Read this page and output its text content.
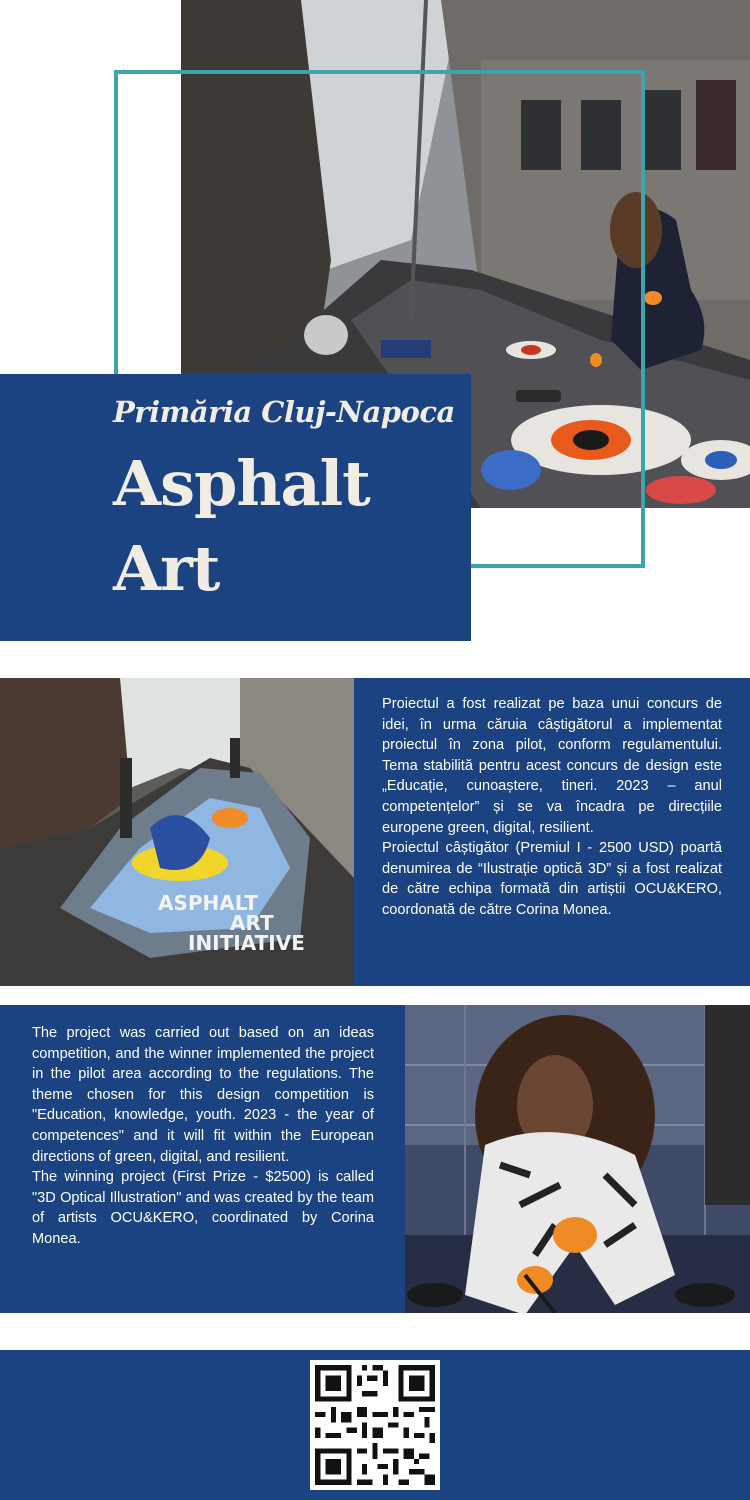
Primăria Cluj-Napoca
Asphalt
Art
ASPHALT
ART
INITIATIVE

Proiectul a fost realizat pe baza unui concurs de idei, în urma căruia câștigătorul a implementat proiectul în zona pilot, conform regulamentului. Tema stabilită pentru acest concurs de design este „Educație, cunoaștere, tineri. 2023 – anul competențelor” și se va încadra pe direcțiile europene green, digital, resilient.

Proiectul câștigător (Premiul I - 2500 USD) poartă denumirea de “Ilustrație optică 3D” și a fost realizat de către echipa formată din artiștii OCU&KERO, coordonată de către Corina Monea.

The project was carried out based on an ideas competition, and the winner implemented the project in the pilot area according to the regulations. The theme chosen for this design competition is "Education, knowledge, youth. 2023 - the year of competences" and it will fit within the European directions of green, digital, and resilient.

The winning project (First Prize - $2500) is called "3D Optical Illustration" and was created by the team of artists OCU&KERO, coordinated by Corina Monea.
